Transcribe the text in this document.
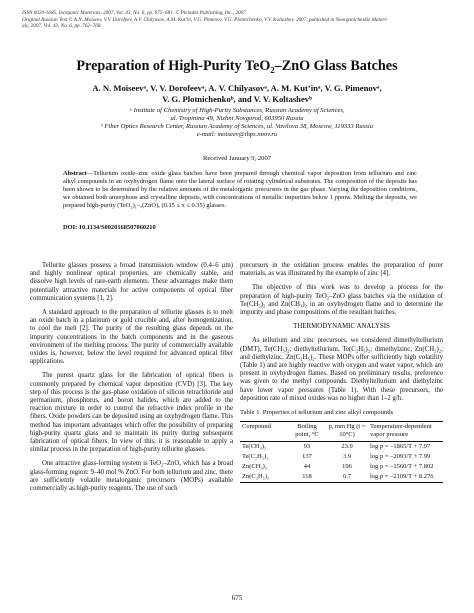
ISSN 0020-1685, Inorganic Materials, 2007, Vol. 43, No. 6, pp. 675–681. © Pleiades Publishing, Inc., 2007
Original Russian Text © A.N. Moiseev, V.V. Dorofeev, A.V. Chilyasov, A.M. Kut’in, V.G. Pimenov, V.G. Plotnichenko, V.V. Koltashev, 2007, published in Neorganicheskie Materi-
aly, 2007, Vol. 43, No. 6, pp. 762–768.
Preparation of High-Purity TeO₂–ZnO Glass Batches
A. N. Moiseevᵃ, V. V. Dorofeevᵃ, A. V. Chilyasovᵃ, A. M. Kut’inᵃ, V. G. Pimenovᵃ,
V. G. Plotnichenkoᵇ, and V. V. Koltashevᵇ
ᵃ Institute of Chemistry of High-Purity Substances, Russian Academy of Sciences,
ul. Tropinina 49, Nizhni Novgorod, 603950 Russia
ᵇ Fiber Optics Research Center, Russian Academy of Sciences, ul. Vavilova 38, Moscow, 119333 Russia
e-mail: moiseev@ihps.nnov.ru
Received January 9, 2007
Abstract—Tellurium oxide–zinc oxide glass batches have been prepared through chemical vapor deposition from tellurium and zinc alkyl compounds in an oxyhydrogen flame onto the lateral surface of rotating cylindrical substrates. The composition of the deposits has been shown to be determined by the relative amounts of the metalorganic precursors in the gas phase. Varying the deposition conditions, we obtained both amorphous and crystalline deposits, with concentrations of metallic impurities below 1 ppmw. Melting the deposits, we prepared high-purity (TeO₂)₁₋ₓ(ZnO)ₓ (0.15 ≤ x ≤ 0.35) glasses.
DOI: 10.1134/S0020168507060210

Tellurite glasses possess a broad transmission window (0.4–6 μm) and highly nonlinear optical properties, are chemically stable, and dissolve high levels of rare-earth elements. These advantages make them potentially attractive materials for active components of optical fiber communication systems [1, 2].

A standard approach to the preparation of tellurite glasses is to melt an oxide batch in a platinum or gold crucible and, after homogenization, to cool the melt [2]. The purity of the resulting glass depends on the impurity concentrations in the batch components and in the gaseous environment of the melting process. The purity of commercially available oxides is, however, below the level required for advanced optical fiber applications.

The purest quartz glass for the fabrication of optical fibers is commonly prepared by chemical vapor deposition (CVD) [3]. The key step of this process is the gas-phase oxidation of silicon tetrachloride and germanium, phosphorus, and boron halides, which are added to the reaction mixture in order to control the refractive index profile in the fibers. Oxide powders can be deposited using an oxyhydrogen flame. This method has important advantages which offer the possibility of preparing high-purity quartz glass and to maintain its purity during subsequent fabrication of optical fibers. In view of this, it is reasonable to apply a similar process in the preparation of high-purity tellurite glasses.

One attractive glass-forming system is TeO₂–ZnO, which has a broad glass-forming region: 9–40 mol % ZnO. For both tellurium and zinc, there are sufficiently volatile metalorganic precursors (MOPs) available commercially as high-purity reagents. The use of such

precursors in the oxidation process enables the preparation of purer materials, as was illustrated by the example of zinc [4].

The objective of this work was to develop a process for the preparation of high-purity TeO₂–ZnO glass batches via the oxidation of Te(CH₃)₂ and Zn(CH₃)₂ in an oxyhydrogen flame and to determine the impurity and phase compositions of the resultant batches.

THERMODYNAMIC ANALYSIS

As tellurium and zinc precursors, we considered dimethyltellurium (DMT), Te(CH₃)₂; diethyltellurium, Te(C₂H₅)₂; dimethylzinc, Zn(CH₃)₂; and diethylzinc, Zn(C₂H₅)₂. These MOPs offer sufficiently high volatility (Table 1) and are highly reactive with oxygen and water vapor, which are present in oxyhydrogen flames. Based on preliminary results, preference was given to the methyl compounds. Diethyltellurium and diethylzinc have lower vapor pressures (Table 1). With these precursors, the deposition rate of mixed oxides was no higher than 1–2 g/h.

Table 1. Properties of tellurium and zinc alkyl compounds
Compound	Boiling point, °C	p, mm Hg (t = 10°C)	Temperature-dependent vapor pressure
Te(CH₃)₂	93	23.9	log p = –1865/T + 7.97
Te(C₂H₅)₂	137	3.9	log p = –2093/T + 7.99
Zn(CH₃)₂	44	196	log p = –1560/T + 7.802
Zn(C₂H₅)₂	118	6.7	log p = –2109/T + 8.276
675
